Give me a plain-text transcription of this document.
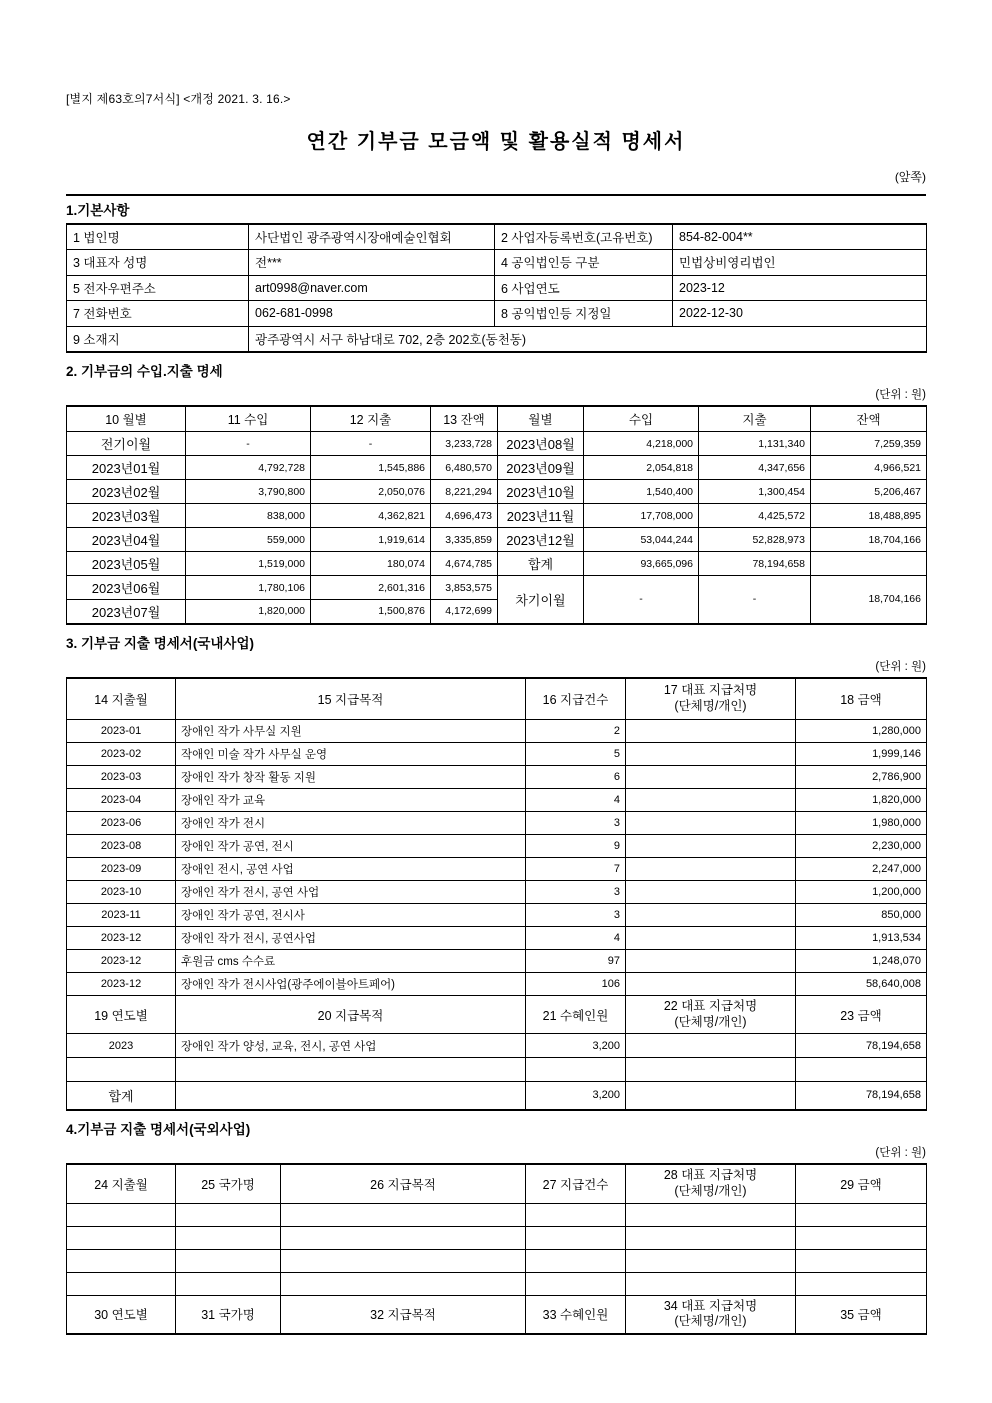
[별지 제63호의7서식] <개정 2021. 3. 16.>
연간 기부금 모금액 및 활용실적 명세서
(앞쪽)
1.기본사항
1 법인명	사단법인 광주광역시장애예술인협회	2 사업자등록번호(고유번호)	854-82-004**
3 대표자 성명	전***	4 공익법인등 구분	민법상비영리법인
5 전자우편주소	art0998@naver.com	6 사업연도	2023-12
7 전화번호	062-681-0998	8 공익법인등 지정일	2022-12-30
9 소재지	광주광역시 서구 하남대로 702, 2층 202호(동천동)		
2. 기부금의 수입.지출 명세
(단위 : 원)
10 월별	11 수입	12 지출	13 잔액	월별	수입	지출	잔액
전기이월	-	-	3,233,728	2023년08월	4,218,000	1,131,340	7,259,359
2023년01월	4,792,728	1,545,886	6,480,570	2023년09월	2,054,818	4,347,656	4,966,521
2023년02월	3,790,800	2,050,076	8,221,294	2023년10월	1,540,400	1,300,454	5,206,467
2023년03월	838,000	4,362,821	4,696,473	2023년11월	17,708,000	4,425,572	18,488,895
2023년04월	559,000	1,919,614	3,335,859	2023년12월	53,044,244	52,828,973	18,704,166
2023년05월	1,519,000	180,074	4,674,785	합계	93,665,096	78,194,658	
2023년06월	1,780,106	2,601,316	3,853,575	차기이월	-	-	18,704,166
2023년07월	1,820,000	1,500,876	4,172,699				
3. 기부금 지출 명세서(국내사업)
(단위 : 원)
14 지출월	15 지급목적	16 지급건수	17 대표 지급처명
(단체명/개인)	18 금액
2023-01	장애인 작가 사무실 지원	2		1,280,000
2023-02	작애인 미술 작가 사무실 운영	5		1,999,146
2023-03	장애인 작가 창작 활동 지원	6		2,786,900
2023-04	장애인 작가 교육	4		1,820,000
2023-06	장애인 작가 전시	3		1,980,000
2023-08	장애인 작가 공연, 전시	9		2,230,000
2023-09	장애인 전시, 공연 사업	7		2,247,000
2023-10	장애인 작가 전시, 공연 사업	3		1,200,000
2023-11	장애인 작가 공연, 전시사	3		850,000
2023-12	장애인 작가 전시, 공연사업	4		1,913,534
2023-12	후원금 cms 수수료	97		1,248,070
2023-12	장애인 작가 전시사업(광주에이블아트페어)	106		58,640,008
19 연도별	20 지급목적	21 수혜인원	22 대표 지급처명
(단체명/개인)	23 금액
2023	장애인 작가 양성, 교육, 전시, 공연 사업	3,200		78,194,658

합계		3,200		78,194,658
4.기부금 지출 명세서(국외사업)
(단위 : 원)
24 지출월	25 국가명	26 지급목적	27 지급건수	28 대표 지급처명
(단체명/개인)	29 금액

30 연도별	31 국가명	32 지급목적	33 수혜인원	34 대표 지급처명
(단체명/개인)	35 금액
